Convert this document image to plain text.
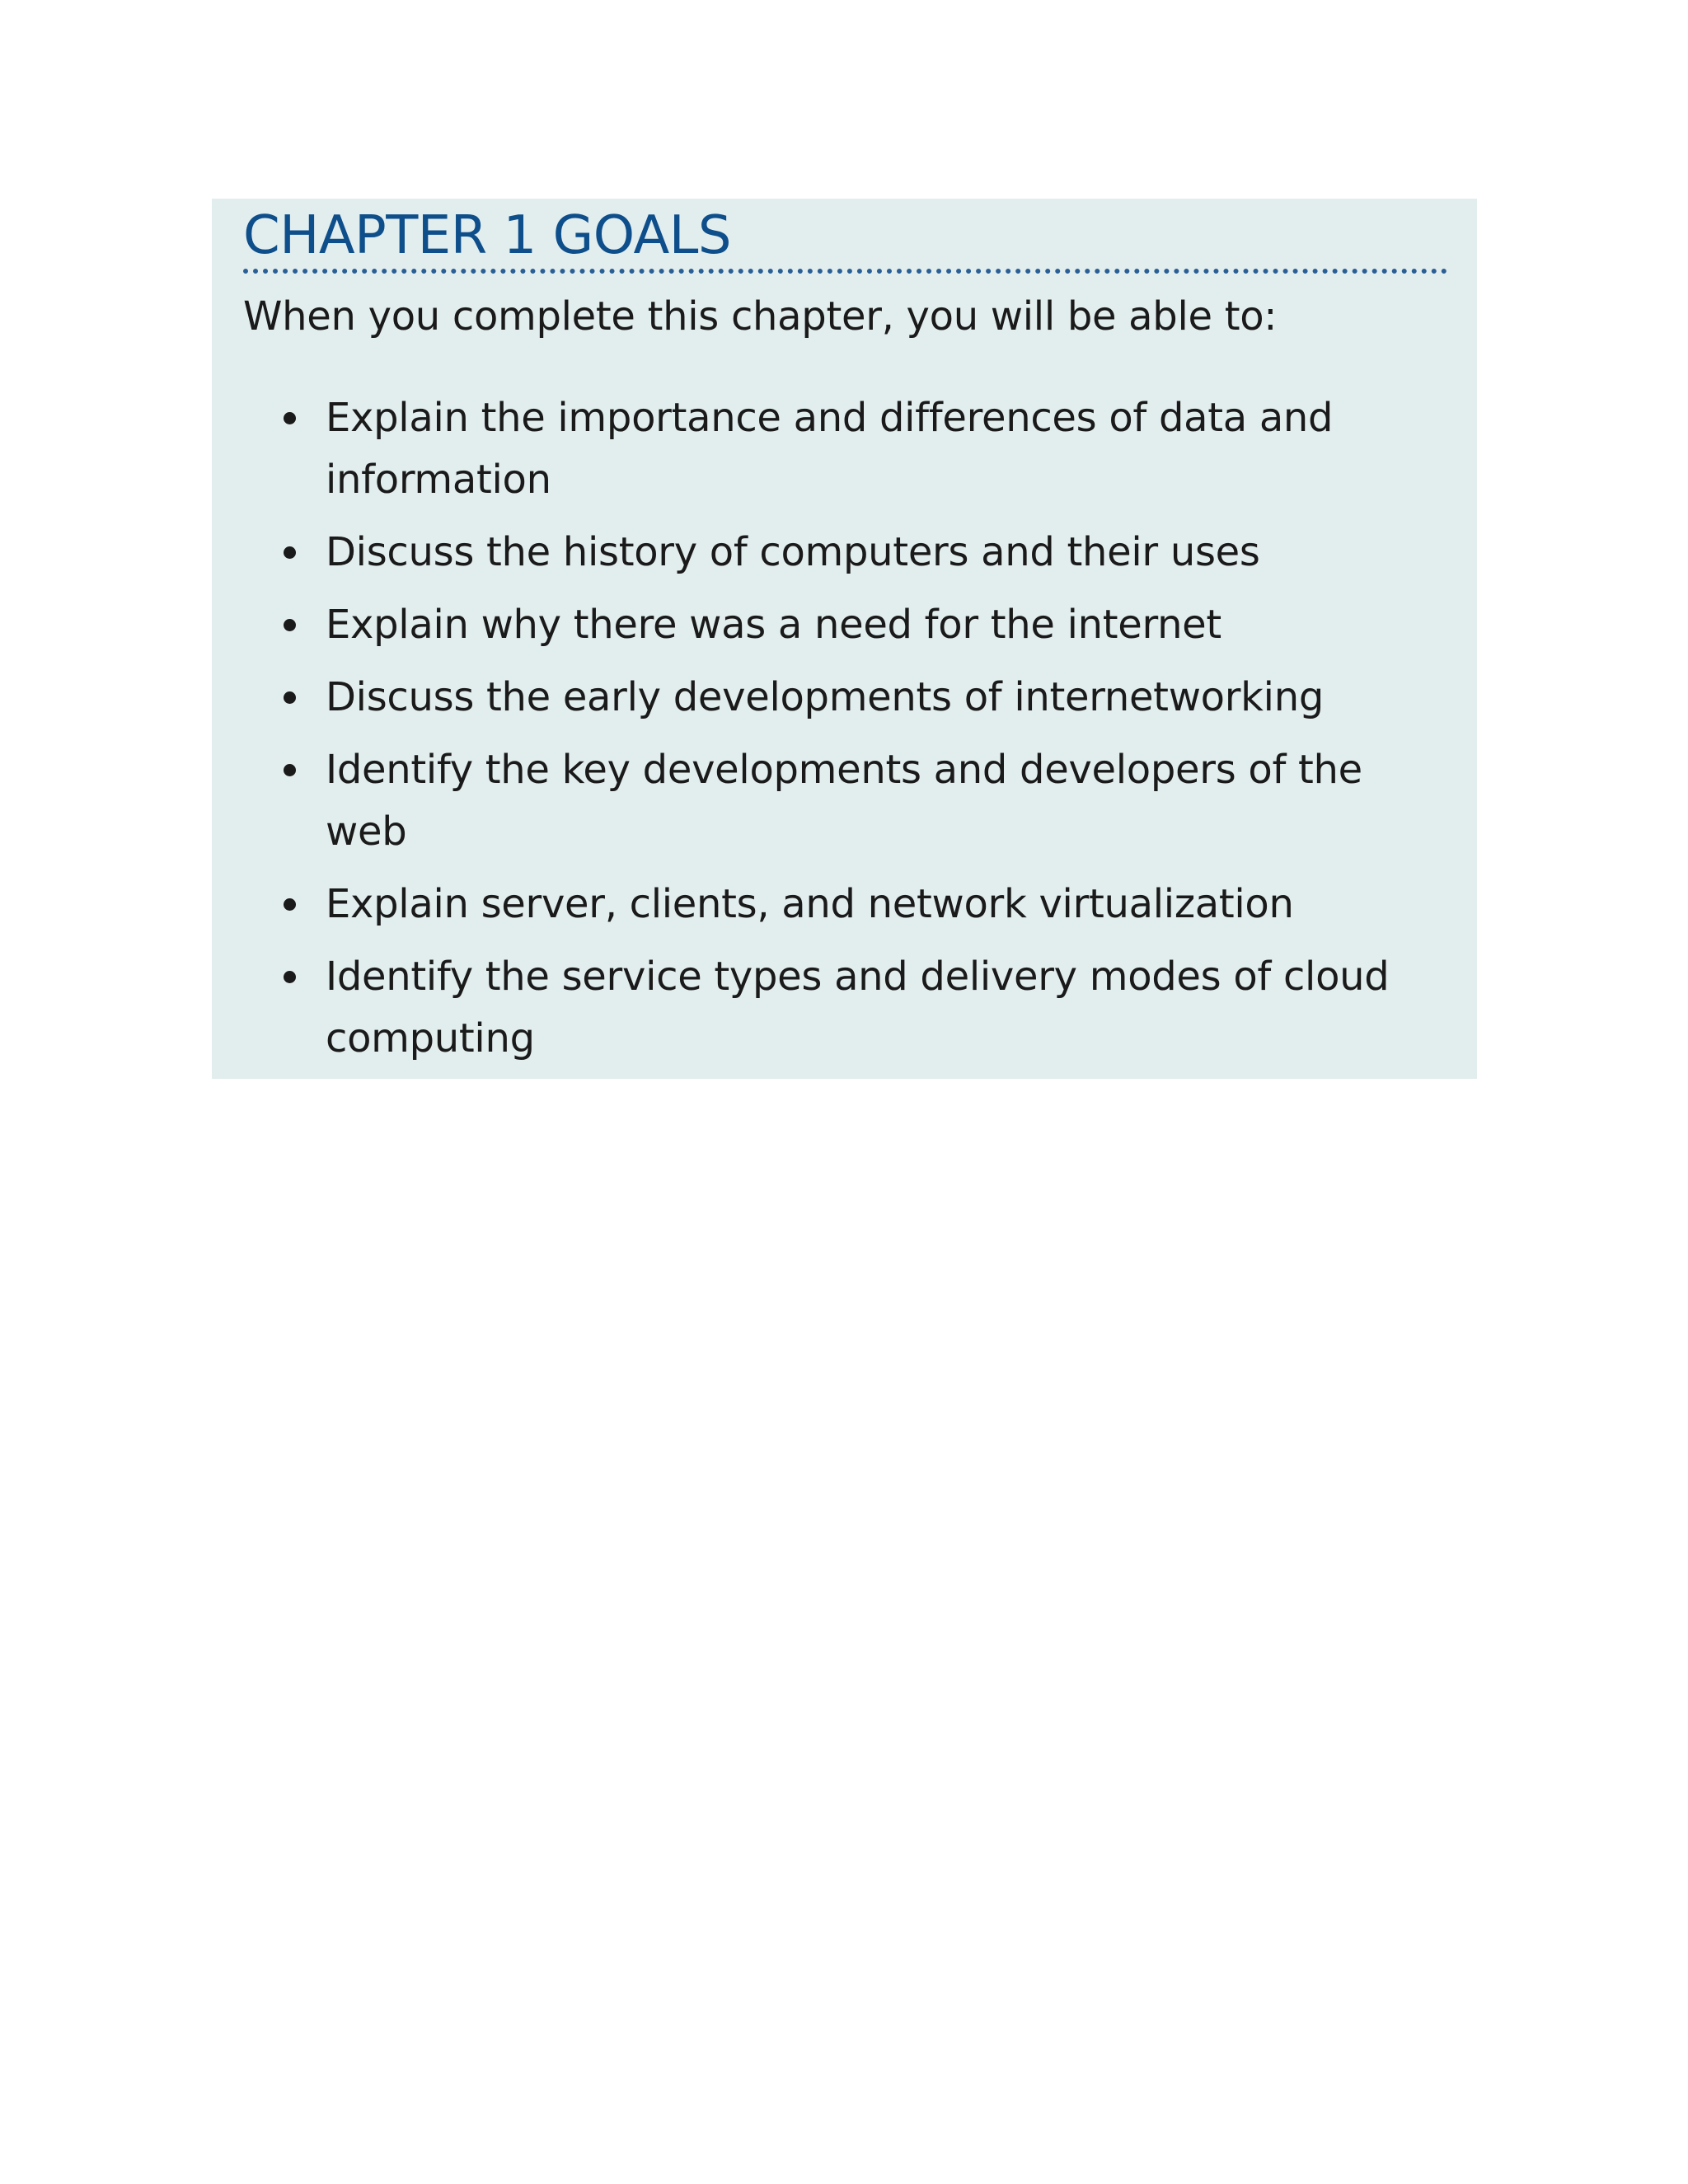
CHAPTER 1 GOALS

When you complete this chapter, you will be able to:

Explain the importance and differences of data and information
Discuss the history of computers and their uses
Explain why there was a need for the internet
Discuss the early developments of internetworking
Identify the key developments and developers of the web
Explain server, clients, and network virtualization
Identify the service types and delivery modes of cloud computing
